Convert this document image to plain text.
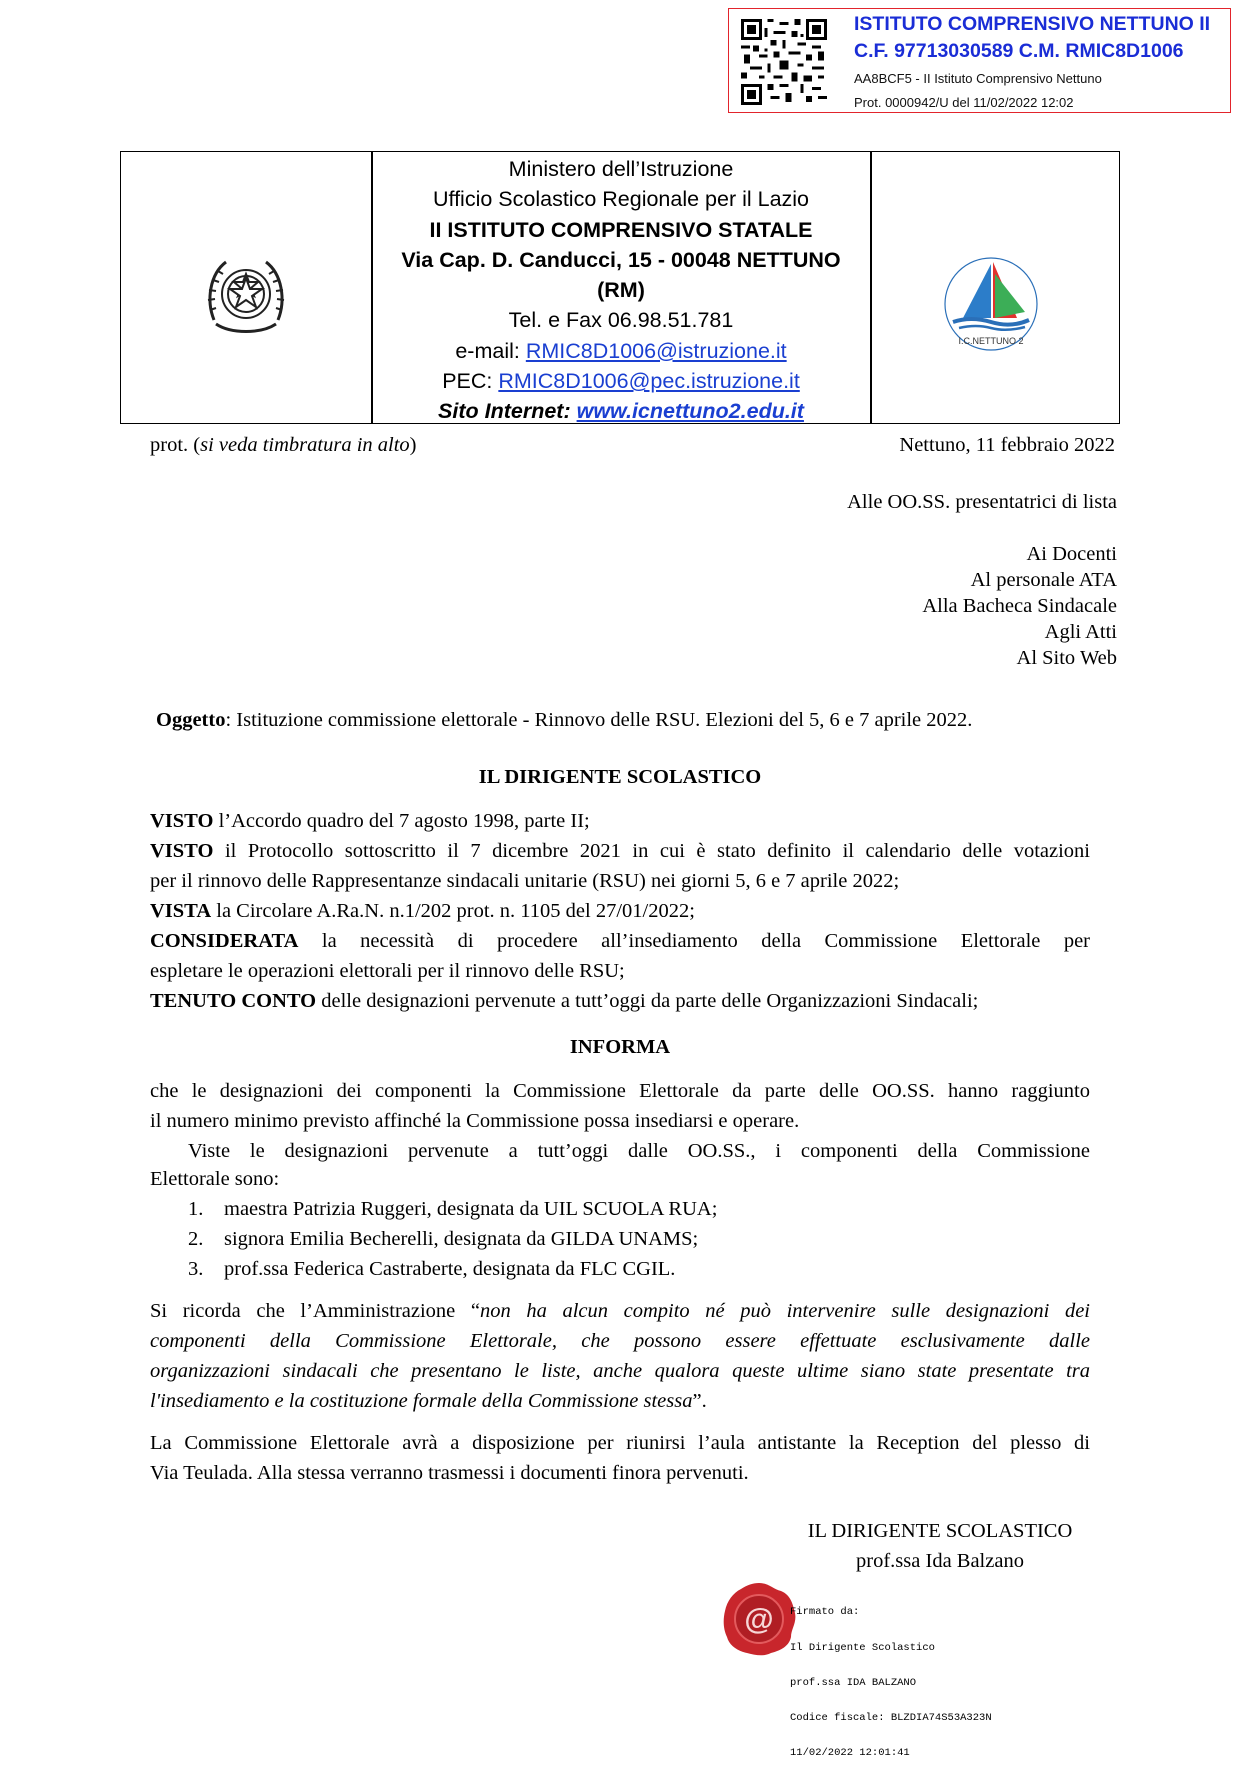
ISTITUTO COMPRENSIVO NETTUNO II
C.F. 97713030589 C.M. RMIC8D1006
AA8BCF5 - II Istituto Comprensivo Nettuno
Prot. 0000942/U del 11/02/2022 12:02
Ministero dell’Istruzione
Ufficio Scolastico Regionale per il Lazio
II ISTITUTO COMPRENSIVO STATALE
Via Cap. D. Canducci, 15 - 00048 NETTUNO
(RM)
Tel. e Fax 06.98.51.781
e-mail: RMIC8D1006@istruzione.it
PEC: RMIC8D1006@pec.istruzione.it
Sito Internet: www.icnettuno2.edu.it
I.C.NETTUNO 2
prot. (si veda timbratura in alto)	Nettuno, 11 febbraio 2022
Alle OO.SS. presentatrici di lista
Ai Docenti
Al personale ATA
Alla Bacheca Sindacale
Agli Atti
Al Sito Web
Oggetto: Istituzione commissione elettorale - Rinnovo delle RSU. Elezioni del 5, 6 e 7 aprile 2022.
IL DIRIGENTE SCOLASTICO
VISTO l’Accordo quadro del 7 agosto 1998, parte II;
VISTO il Protocollo sottoscritto il 7 dicembre 2021 in cui è stato definito il calendario delle votazioni
per il rinnovo delle Rappresentanze sindacali unitarie (RSU) nei giorni 5, 6 e 7 aprile 2022;
VISTA la Circolare A.Ra.N. n.1/202 prot. n. 1105 del 27/01/2022;
CONSIDERATA la necessità di procedere all’insediamento della Commissione Elettorale per
espletare le operazioni elettorali per il rinnovo delle RSU;
TENUTO CONTO delle designazioni pervenute a tutt’oggi da parte delle Organizzazioni Sindacali;
INFORMA
che le designazioni dei componenti la Commissione Elettorale da parte delle OO.SS. hanno raggiunto
il numero minimo previsto affinché la Commissione possa insediarsi e operare.
Viste le designazioni pervenute a tutt’oggi dalle OO.SS., i componenti della Commissione
Elettorale sono:
1. maestra Patrizia Ruggeri, designata da UIL SCUOLA RUA;
2. signora Emilia Becherelli, designata da GILDA UNAMS;
3. prof.ssa Federica Castraberte, designata da FLC CGIL.
Si ricorda che l’Amministrazione “non ha alcun compito né può intervenire sulle designazioni dei
componenti della Commissione Elettorale, che possono essere effettuate esclusivamente dalle
organizzazioni sindacali che presentano le liste, anche qualora queste ultime siano state presentate tra
l'insediamento e la costituzione formale della Commissione stessa”.
La Commissione Elettorale avrà a disposizione per riunirsi l’aula antistante la Reception del plesso di
Via Teulada. Alla stessa verranno trasmessi i documenti finora pervenuti.
IL DIRIGENTE SCOLASTICO
prof.ssa Ida Balzano
@

Firmato da:

Il Dirigente Scolastico

prof.ssa IDA BALZANO

Codice fiscale: BLZDIA74S53A323N

11/02/2022 12:01:41
